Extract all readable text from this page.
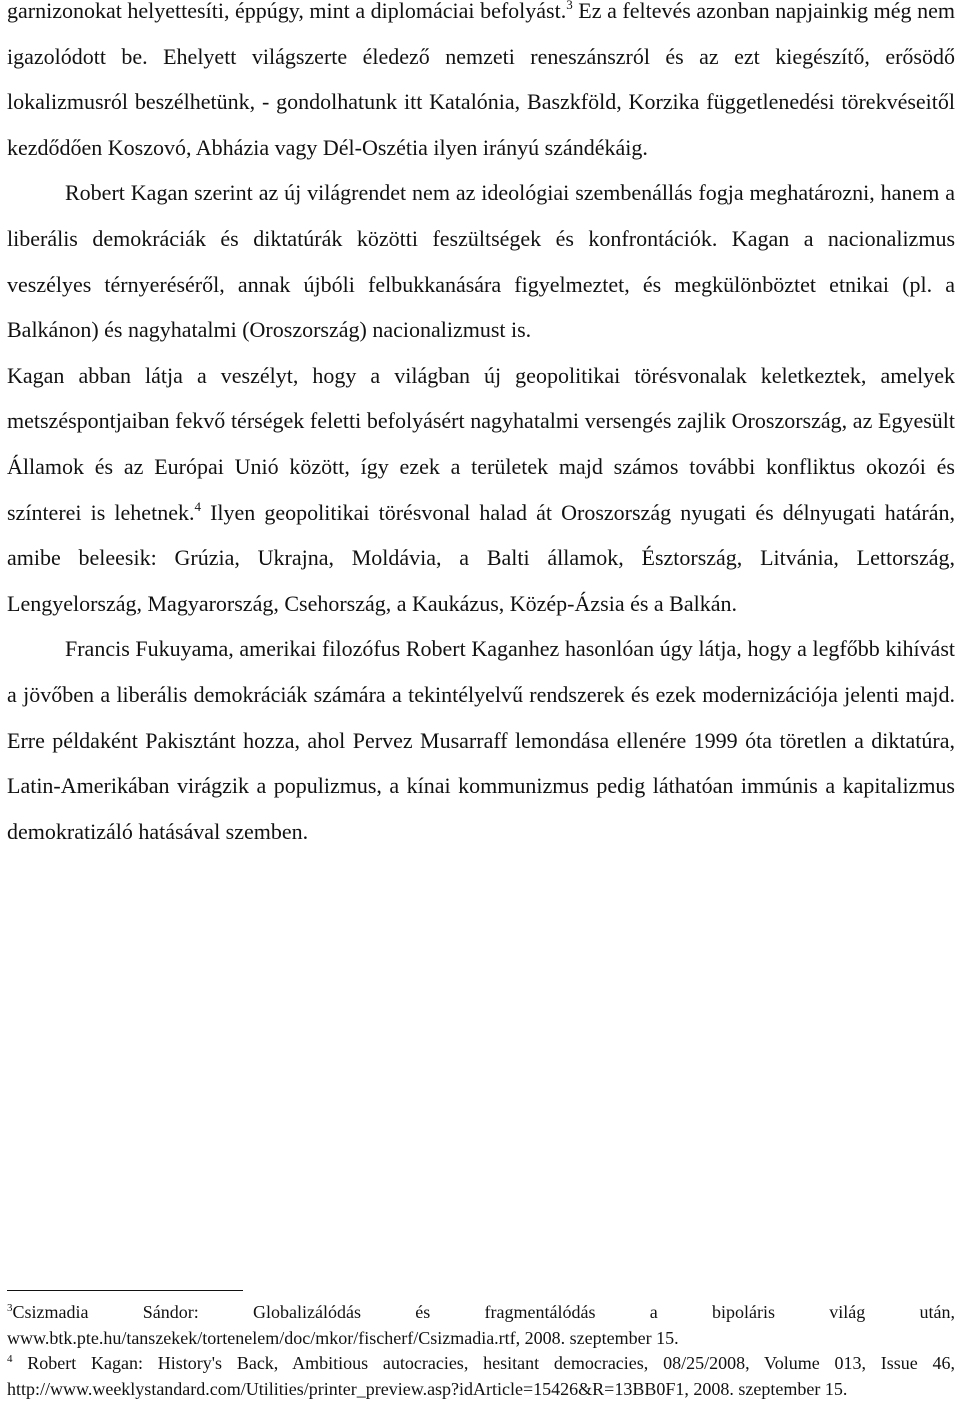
garnizonokat helyettesíti, éppúgy, mint a diplomáciai befolyást.$^3$ Ez a feltevés azonban napjainkig még nem igazolódott be. Ehelyett világszerte éledező nemzeti reneszánszról és az ezt kiegészítő, erősödő lokalizmusról beszélhetünk, - gondolhatunk itt Katalónia, Baszkföld, Korzika függetlenedési törekvéseitől kezdődően Koszovó, Abházia vagy Dél-Oszétia ilyen irányú szándékáig.

Robert Kagan szerint az új világrendet nem az ideológiai szembenállás fogja meghatározni, hanem a liberális demokráciák és diktatúrák közötti feszültségek és konfrontációk. Kagan a nacionalizmus veszélyes térnyeréséről, annak újbóli felbukkanására figyelmeztet, és megkülönböztet etnikai (pl. a Balkánon) és nagyhatalmi (Oroszország) nacionalizmust is.

Kagan abban látja a veszélyt, hogy a világban új geopolitikai törésvonalak keletkeztek, amelyek metszéspontjaiban fekvő térségek feletti befolyásért nagyhatalmi versengés zajlik Oroszország, az Egyesült Államok és az Európai Unió között, így ezek a területek majd számos további konfliktus okozói és színterei is lehetnek.$^4$ Ilyen geopolitikai törésvonal halad át Oroszország nyugati és délnyugati határán, amibe beleesik: Grúzia, Ukrajna, Moldávia, a Balti államok, Észtország, Litvánia, Lettország, Lengyelország, Magyarország, Csehország, a Kaukázus, Közép-Ázsia és a Balkán.

Francis Fukuyama, amerikai filozófus Robert Kaganhez hasonlóan úgy látja, hogy a legfőbb kihívást a jövőben a liberális demokráciák számára a tekintélyelvű rendszerek és ezek modernizációja jelenti majd. Erre példaként Pakisztánt hozza, ahol Pervez Musarraff lemondása ellenére 1999 óta töretlen a diktatúra, Latin-Amerikában virágzik a populizmus, a kínai kommunizmus pedig láthatóan immúnis a kapitalizmus demokratizáló hatásával szemben.

$^3$Csizmadia Sándor: Globalizálódás és fragmentálódás a bipoláris világ után, www.btk.pte.hu/tanszekek/tortenelem/doc/mkor/fischerf/Csizmadia.rtf, 2008. szeptember 15.

$^4$ Robert Kagan: History's Back, Ambitious autocracies, hesitant democracies, 08/25/2008, Volume 013, Issue 46, http://www.weeklystandard.com/Utilities/printer_preview.asp?idArticle=15426&R=13BB0F1, 2008. szeptember 15.
